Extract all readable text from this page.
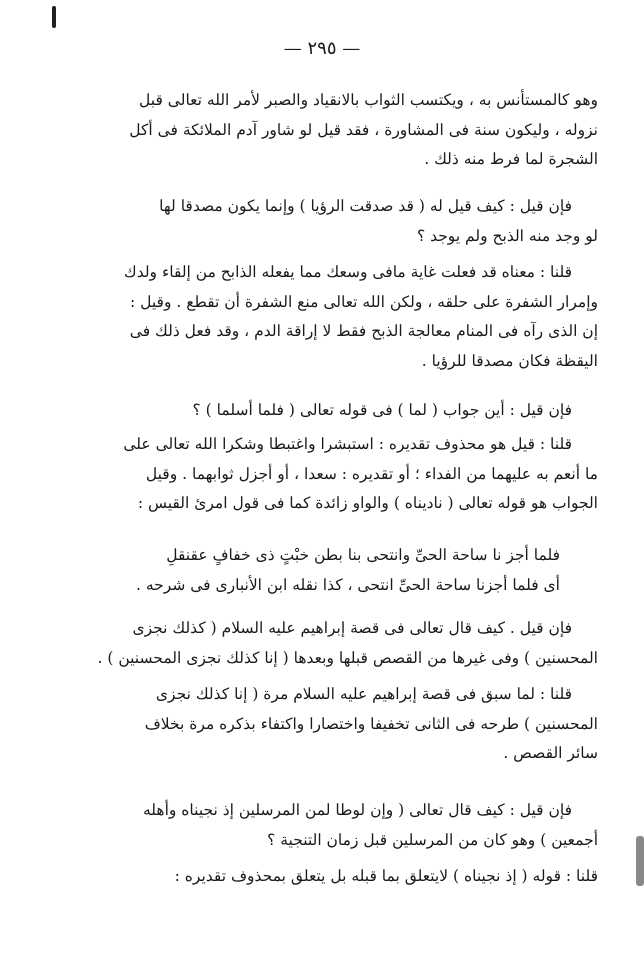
— ٢٩٥ —
وهو كالمستأنس به ، ويكتسب الثواب بالانقياد والصبر لأمر الله تعالى قبل
نزوله ، وليكون سنة فى المشاورة ، فقد قيل لو شاور آدم الملائكة فى أكل
الشجرة لما فرط منه ذلك .
فإن قيل : كيف قيل له ( قد صدقت الرؤيا ) وإنما يكون مصدقا لها
لو وجد منه الذبح ولم يوجد ؟
قلنا : معناه قد فعلت غاية مافى وسعك مما يفعله الذابح من إلقاء ولدك
وإمرار الشفرة على حلقه ، ولكن الله تعالى منع الشفرة أن تقطع . وقيل :
إن الذى رآه فى المنام معالجة الذبح فقط لا إراقة الدم ، وقد فعل ذلك فى
اليقظة فكان مصدقا للرؤيا .
فإن قيل : أين جواب ( لما ) فى قوله تعالى ( فلما أسلما ) ؟
قلنا : قيل هو محذوف تقديره : استبشرا واغتبطا وشكرا الله تعالى على
ما أنعم به عليهما من الفداء ؛ أو تقديره : سعدا ، أو أجزل ثوابهما . وقيل
الجواب هو قوله تعالى ( ناديناه ) والواو زائدة كما فى قول امرئ القيس :
فلما أجز نا ساحة الحىِّ وانتحى بنا بطن خبْتٍ ذى خفافٍ عقنقلِ
أى فلما أجزنا ساحة الحىِّ انتحى ، كذا نقله ابن الأنبارى فى شرحه .
فإن قيل . كيف قال تعالى فى قصة إبراهيم عليه السلام ( كذلك نجزى
المحسنين ) وفى غيرها من القصص قبلها وبعدها ( إنا كذلك نجزى المحسنين ) .
قلنا : لما سبق فى قصة إبراهيم عليه السلام مرة ( إنا كذلك نجزى
المحسنين ) طرحه فى الثانى تخفيفا واختصارا واكتفاء بذكره مرة بخلاف
سائر القصص .
فإن قيل : كيف قال تعالى ( وإن لوطا لمن المرسلين إذ نجيناه وأهله
أجمعين ) وهو كان من المرسلين قبل زمان التنجية ؟
قلنا : قوله ( إذ نجيناه ) لايتعلق بما قبله بل يتعلق بمحذوف تقديره :
